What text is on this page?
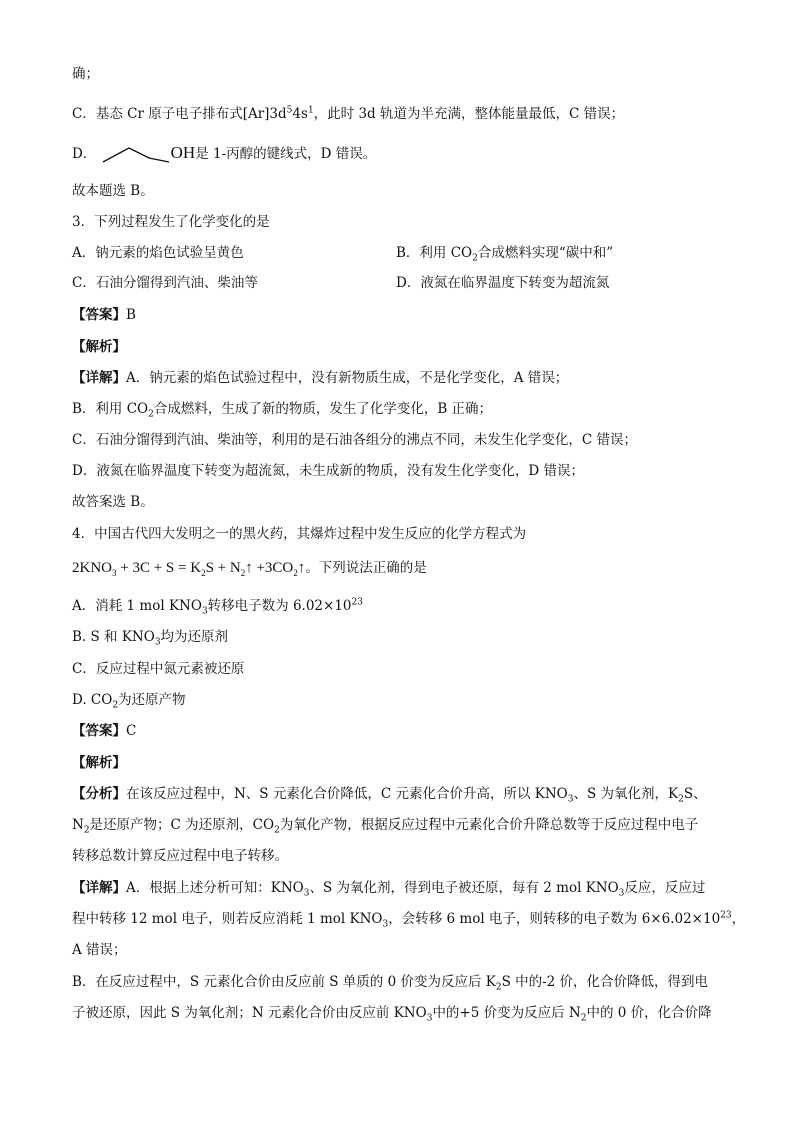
确；
C．基态 Cr 原子电子排布式$[Ar]3d^54s^1$，此时 3d 轨道为半充满，整体能量最低，C 错误；
D．	OH是 1-丙醇的键线式，D 错误。
故本题选 B。
3．下列过程发生了化学变化的是
A．钠元素的焰色试验呈黄色	B．利用 $CO_2$合成燃料实现“碳中和”
C．石油分馏得到汽油、柴油等	D．液氮在临界温度下转变为超流氮
【答案】B
【解析】
【详解】A．钠元素的焰色试验过程中，没有新物质生成，不是化学变化，A 错误；
B．利用 $CO_2$合成燃料，生成了新的物质，发生了化学变化，B 正确；
C．石油分馏得到汽油、柴油等，利用的是石油各组分的沸点不同，未发生化学变化，C 错误；
D．液氮在临界温度下转变为超流氮，未生成新的物质，没有发生化学变化，D 错误；
故答案选 B。
4．中国古代四大发明之一的黑火药，其爆炸过程中发生反应的化学方程式为
$2KNO_3 + 3C + S = K_2S$ + $N_2↑$ $+3CO_2↑$。下列说法正确的是
A．消耗 1 mol $KNO_3$转移电子数为 $6.02\times 10^{23}$
B. S 和 $KNO_3$均为还原剂
C．反应过程中氮元素被还原
D. $CO_2$为还原产物
【答案】C
【解析】
【分析】在该反应过程中，N、S 元素化合价降低，C 元素化合价升高，所以 $KNO_3$、S 为氧化剂，$K_2S$、
$N_2$是还原产物；C 为还原剂，$CO_2$为氧化产物，根据反应过程中元素化合价升降总数等于反应过程中电子
转移总数计算反应过程中电子转移。
【详解】A．根据上述分析可知：$KNO_3$、S 为氧化剂，得到电子被还原，每有 2 mol $KNO_3$反应，反应过
程中转移 12 mol 电子，则若反应消耗 1 mol $KNO_3$，会转移 6 mol 电子，则转移的电子数为 $6\times 6.02\times 10^{23}$，
A 错误；
B．在反应过程中，S 元素化合价由反应前 S 单质的 0 价变为反应后 $K_2S$ 中的-2 价，化合价降低，得到电
子被还原，因此 S 为氧化剂；N 元素化合价由反应前 $KNO_3$中的+5 价变为反应后 $N_2$中的 0 价，化合价降
